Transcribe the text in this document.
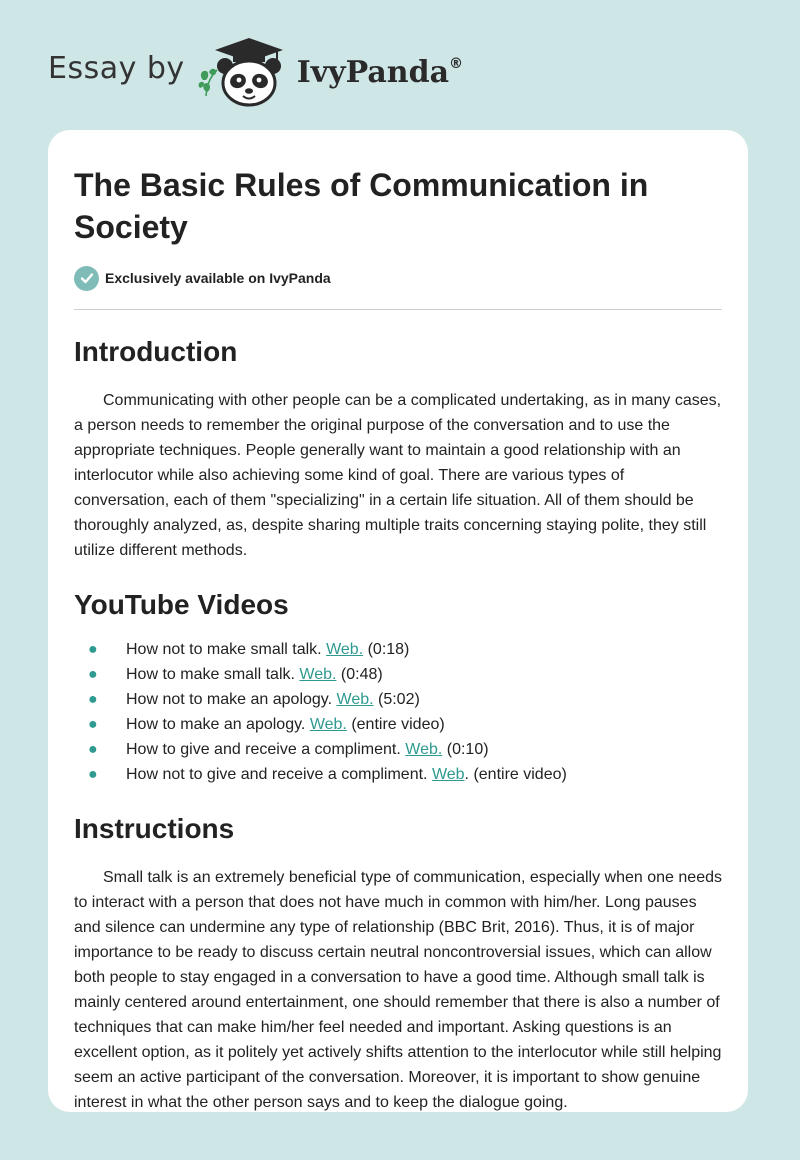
Essay by	IvyPanda®
The Basic Rules of Communication in Society
Exclusively available on IvyPanda
Introduction

Communicating with other people can be a complicated undertaking, as in many cases, a person needs to remember the original purpose of the conversation and to use the appropriate techniques. People generally want to maintain a good relationship with an interlocutor while also achieving some kind of goal. There are various types of conversation, each of them "specializing" in a certain life situation. All of them should be thoroughly analyzed, as, despite sharing multiple traits concerning staying polite, they still utilize different methods.

YouTube Videos
● How not to make small talk. Web. (0:18)
● How to make small talk. Web. (0:48)
● How not to make an apology. Web. (5:02)
● How to make an apology. Web. (entire video)
● How to give and receive a compliment. Web. (0:10)
● How not to give and receive a compliment. Web. (entire video)
Instructions

Small talk is an extremely beneficial type of communication, especially when one needs to interact with a person that does not have much in common with him/her. Long pauses and silence can undermine any type of relationship (BBC Brit, 2016). Thus, it is of major importance to be ready to discuss certain neutral noncontroversial issues, which can allow both people to stay engaged in a conversation to have a good time. Although small talk is mainly centered around entertainment, one should remember that there is also a number of techniques that can make him/her feel needed and important. Asking questions is an excellent option, as it politely yet actively shifts attention to the interlocutor while still helping seem an active participant of the conversation. Moreover, it is important to show genuine interest in what the other person says and to keep the dialogue going.
